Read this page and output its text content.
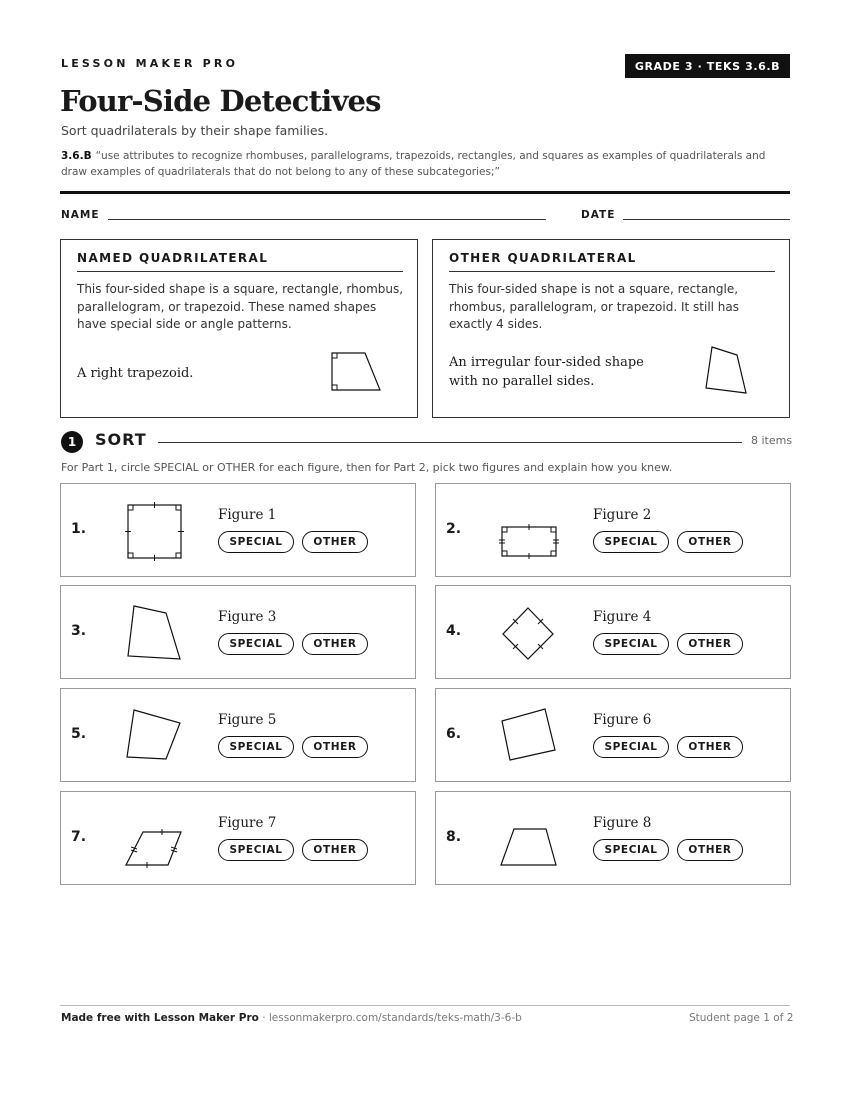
LESSON MAKER PRO	GRADE 3 · TEKS 3.6.B
Four-Side Detectives
Sort quadrilaterals by their shape families.
3.6.B “use attributes to recognize rhombuses, parallelograms, trapezoids, rectangles, and squares as examples of quadrilaterals and draw examples of quadrilaterals that do not belong to any of these subcategories;”
NAME	DATE
NAMED QUADRILATERAL
This four-sided shape is a square, rectangle, rhombus, parallelogram, or trapezoid. These named shapes have special side or angle patterns.
A right trapezoid.
OTHER QUADRILATERAL
This four-sided shape is not a square, rectangle, rhombus, parallelogram, or trapezoid. It still has exactly 4 sides.
An irregular four-sided shape with no parallel sides.
1	SORT	8 items
For Part 1, circle SPECIAL or OTHER for each figure, then for Part 2, pick two figures and explain how you knew.
1.
Figure 1
SPECIAL	OTHER
2.
Figure 2
SPECIAL	OTHER
3.
Figure 3
SPECIAL	OTHER
4.
Figure 4
SPECIAL	OTHER
5.
Figure 5
SPECIAL	OTHER
6.
Figure 6
SPECIAL	OTHER
7.
Figure 7
SPECIAL	OTHER
8.
Figure 8
SPECIAL	OTHER
Made free with Lesson Maker Pro · lessonmakerpro.com/standards/teks-math/3-6-b	Student page 1 of 2
